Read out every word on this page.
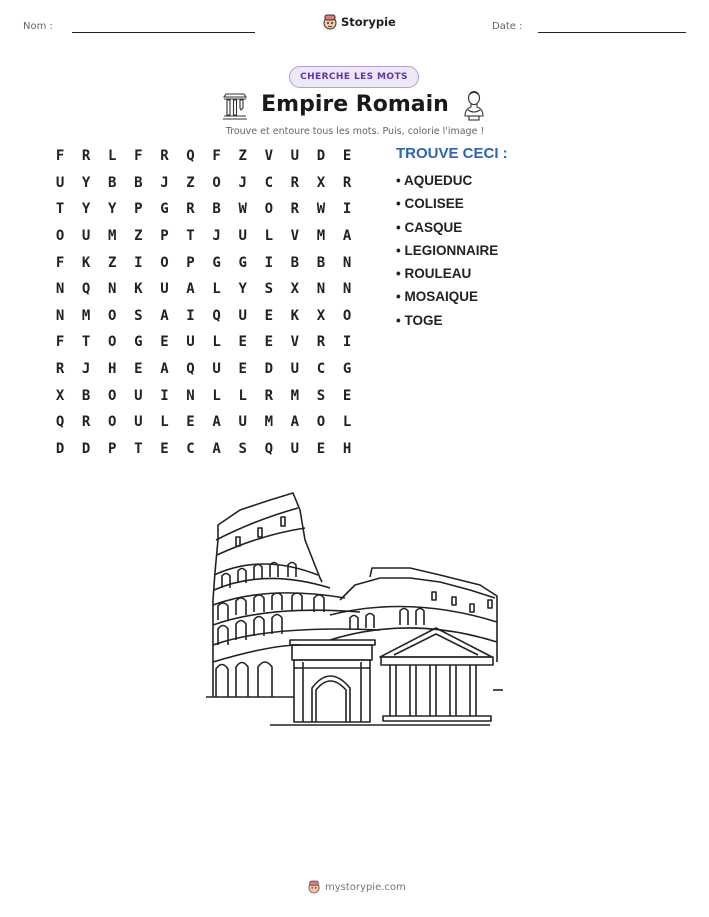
Nom :	Storypie	Date :
CHERCHE LES MOTS
Empire Romain
Trouve et entoure tous les mots. Puis, colorie l'image !
F	R	L	F	R	Q	F	Z	V	U	D	E
U	Y	B	B	J	Z	O	J	C	R	X	R
T	Y	Y	P	G	R	B	W	O	R	W	I
O	U	M	Z	P	T	J	U	L	V	M	A
F	K	Z	I	O	P	G	G	I	B	B	N
N	Q	N	K	U	A	L	Y	S	X	N	N
N	M	O	S	A	I	Q	U	E	K	X	O
F	T	O	G	E	U	L	E	E	V	R	I
R	J	H	E	A	Q	U	E	D	U	C	G
X	B	O	U	I	N	L	L	R	M	S	E
Q	R	O	U	L	E	A	U	M	A	O	L
D	D	P	T	E	C	A	S	Q	U	E	H
TROUVE CECI :
• AQUEDUC
• COLISEE
• CASQUE
• LEGIONNAIRE
• ROULEAU
• MOSAIQUE
• TOGE
mystorypie.com
